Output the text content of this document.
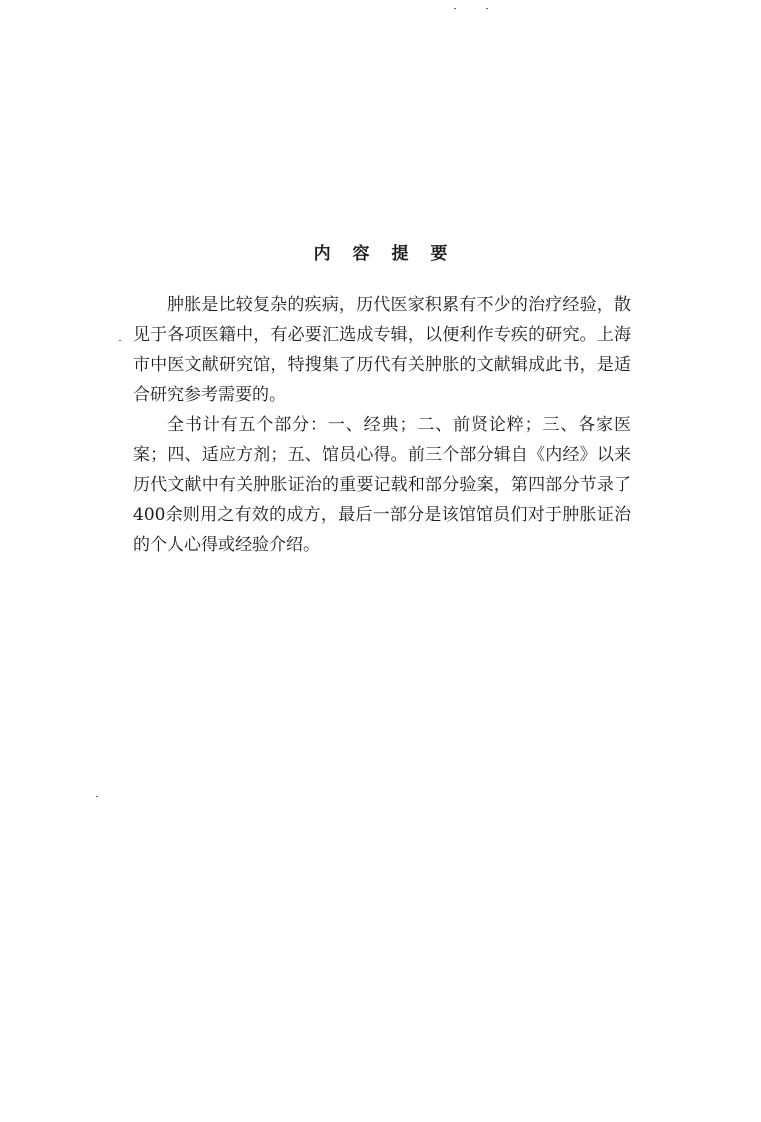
内 容 提 要

肿胀是比较复杂的疾病，历代医家积累有不少的治疗经验，散见于各项医籍中，有必要汇选成专辑，以便利作专疾的研究。上海市中医文献研究馆，特搜集了历代有关肿胀的文献辑成此书，是适合研究参考需要的。

全书计有五个部分：一、经典；二、前贤论粹；三、各家医案；四、适应方剂；五、馆员心得。前三个部分辑自《内经》以来历代文献中有关肿胀证治的重要记载和部分验案，第四部分节录了400余则用之有效的成方，最后一部分是该馆馆员们对于肿胀证治的个人心得或经验介绍。
